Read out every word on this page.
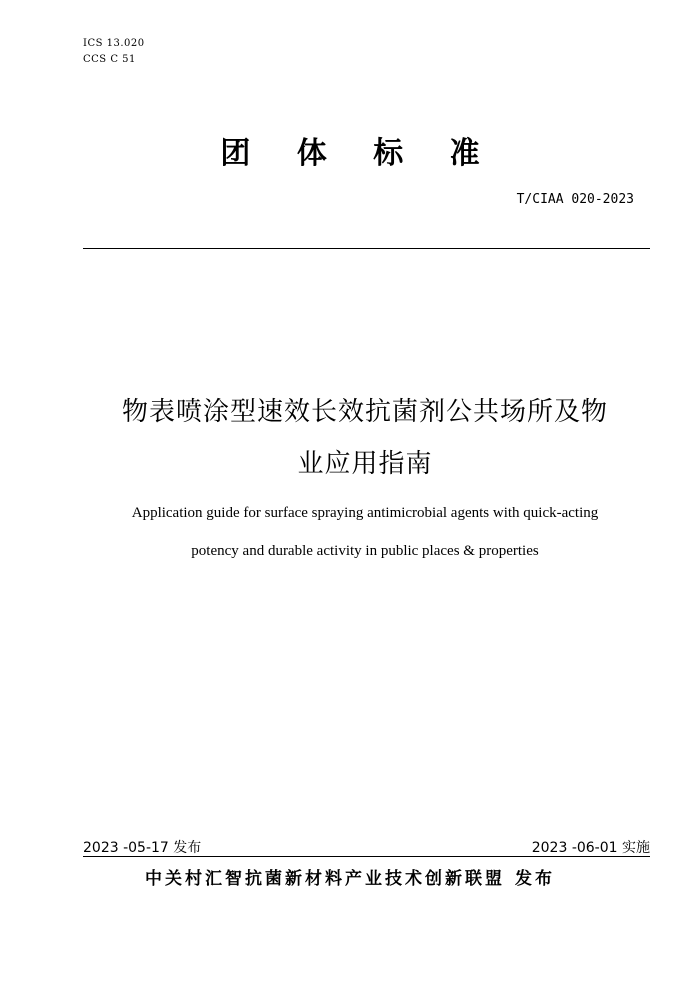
ICS 13.020
CCS C 51
团 体 标 准
T/CIAA 020-2023
物表喷涂型速效长效抗菌剂公共场所及物
业应用指南
Application guide for surface spraying antimicrobial agents with quick-acting
potency and durable activity in public places & properties
2023 -05-17 发布	2023 -06-01 实施
中关村汇智抗菌新材料产业技术创新联盟 发布
